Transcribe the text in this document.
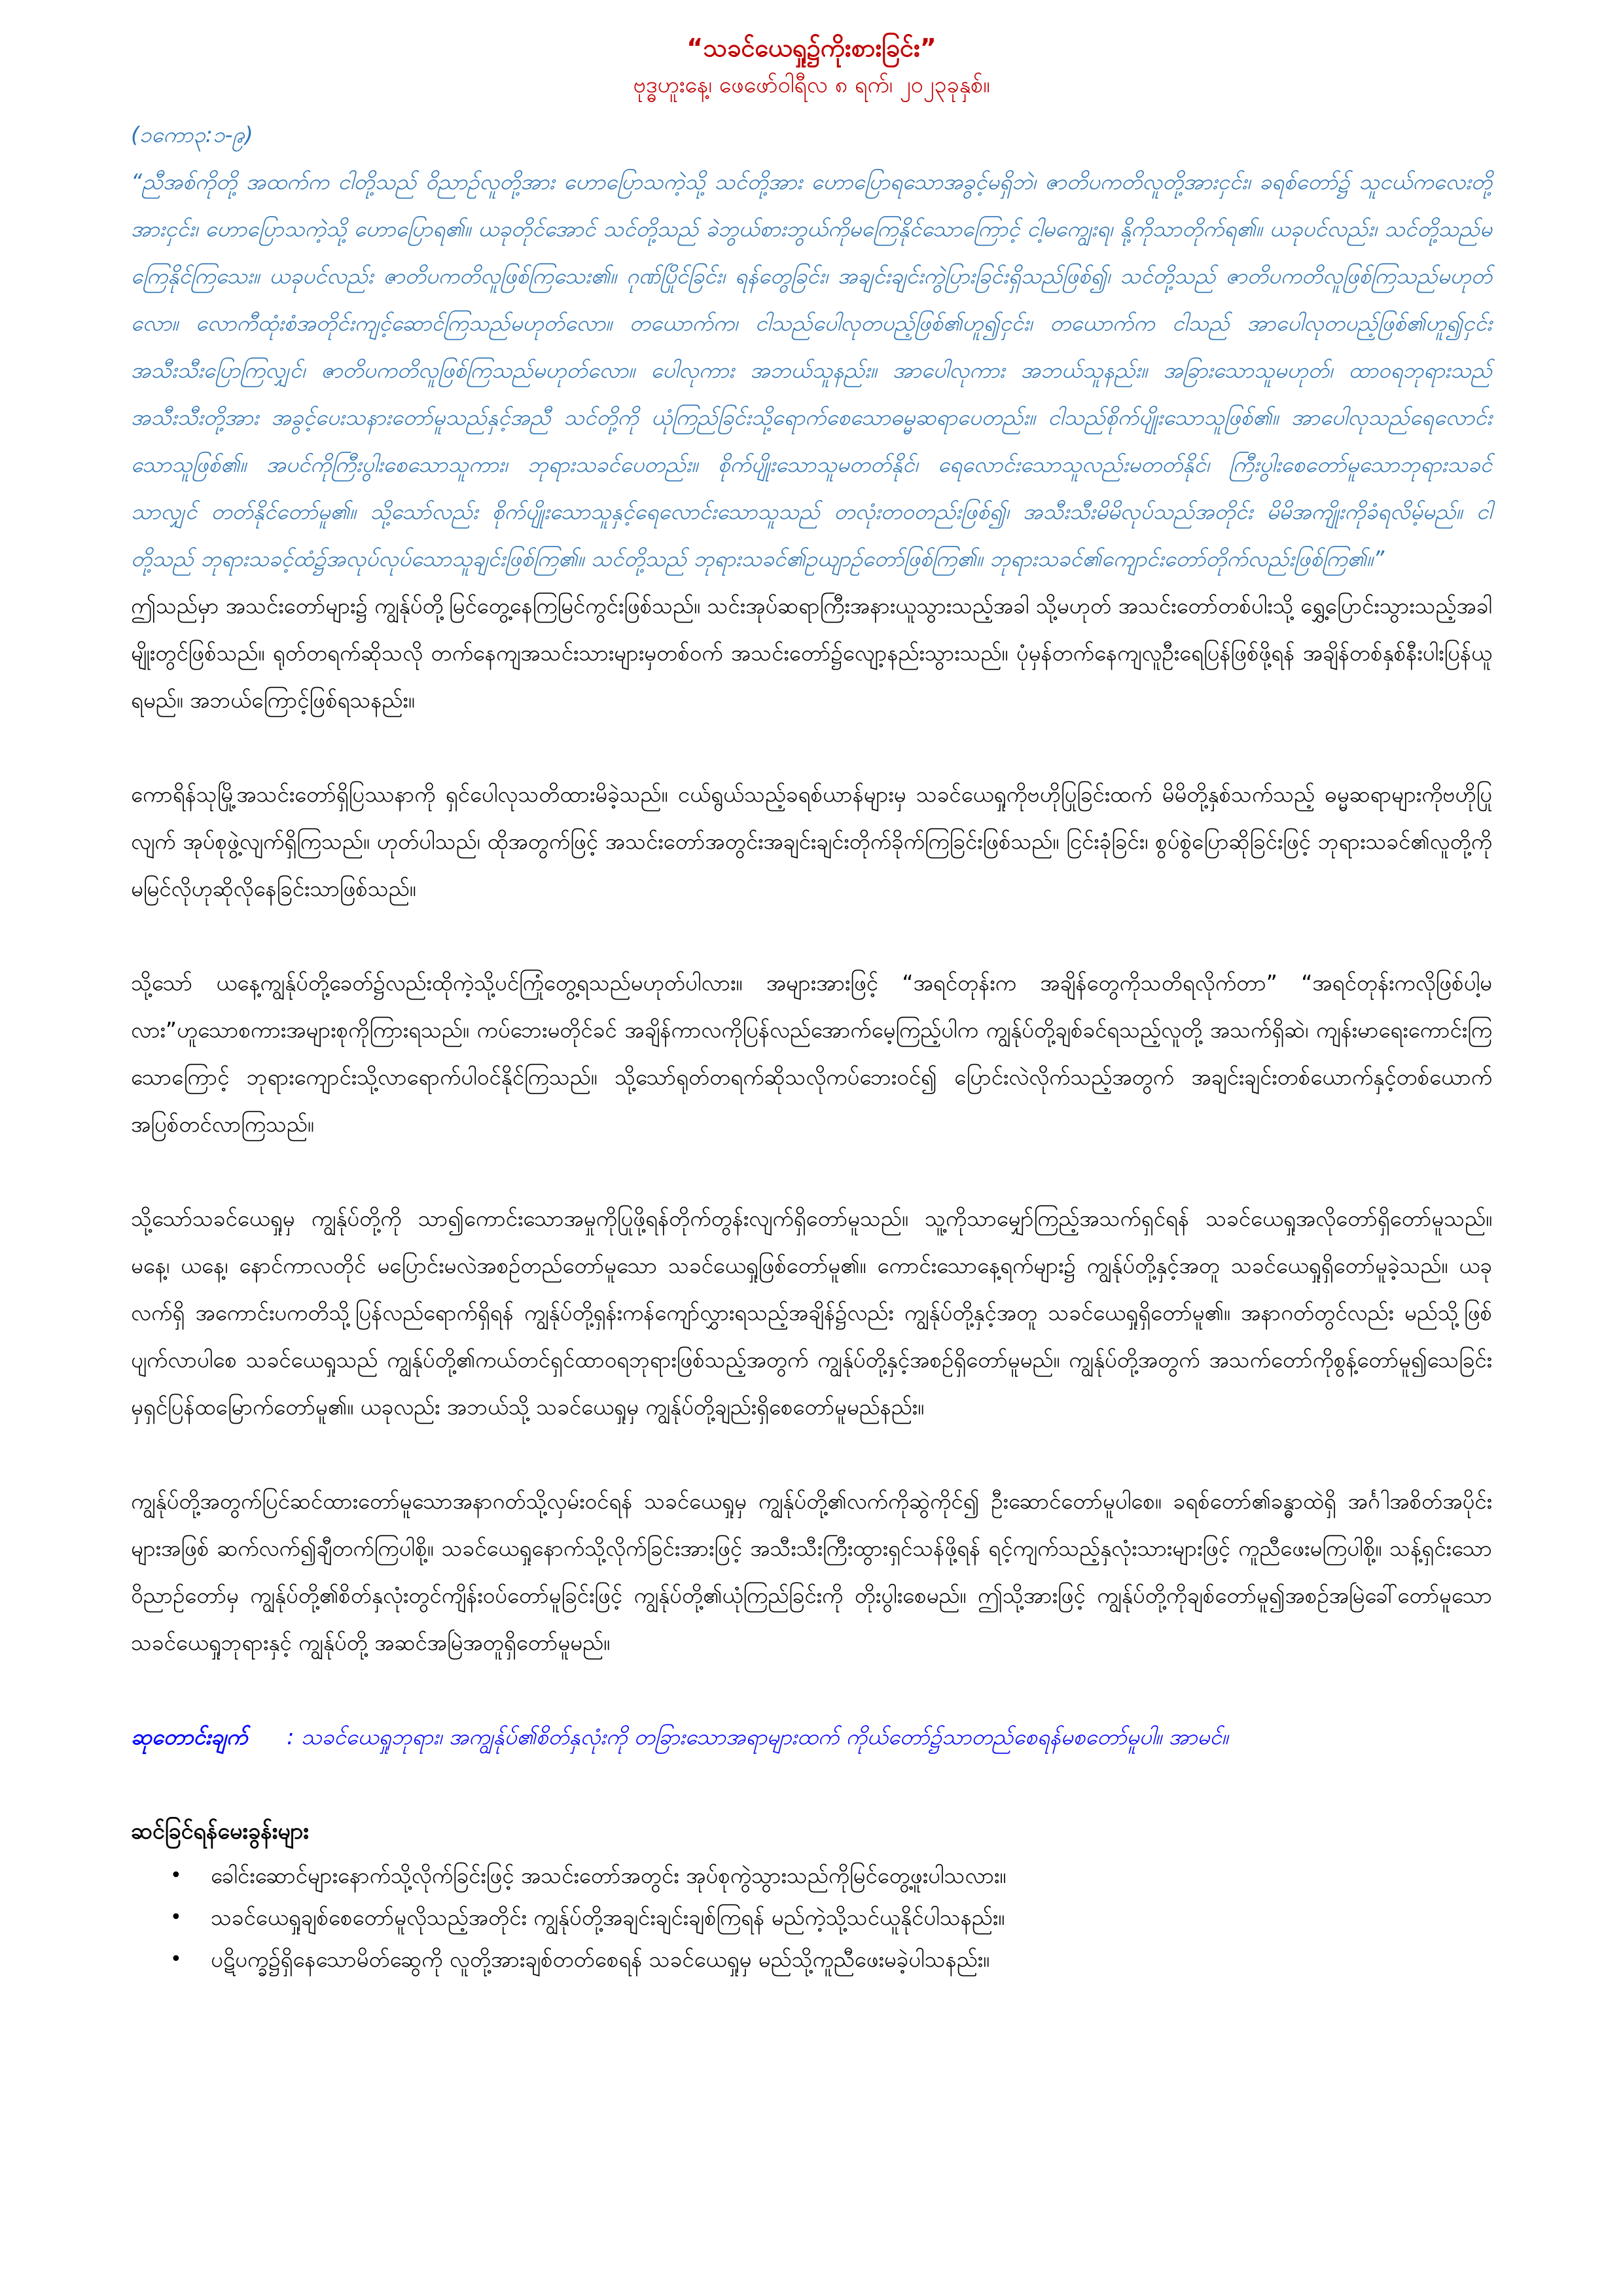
“သခင်ယေရှု၌ကိုးစားခြင်း”

ဗုဒ္ဓဟူးနေ့၊ ဖေဖော်ဝါရီလ ၈ ရက်၊ ၂၀၂၃ခုနှစ်။

(၁ကော၃:၁-၉)

“ညီအစ်ကိုတို့ အထက်က ငါတို့သည် ဝိညာဉ်လူတို့အား ဟောပြောသကဲ့သို့ သင်တို့အား ဟောပြောရသောအခွင့်မရှိဘဲ၊ ဇာတိပကတိလူတို့အားငှင်း၊ ခရစ်တော်၌ သူငယ်ကလေးတို့အားငှင်း၊ ဟောပြောသကဲ့သို့ ဟောပြောရ၏။ ယခုတိုင်အောင် သင်တို့သည် ခဲဘွယ်စားဘွယ်ကိုမကြေနိုင်သောကြောင့် ငါ့မကျွေးရ၊ နို့ကိုသာတိုက်ရ၏။ ယခုပင်လည်း၊ သင်တို့သည်မကြေနိုင်ကြသေး။ ယခုပင်လည်း ဇာတိပကတိလူဖြစ်ကြသေး၏။ ဂုဏ်ပြိုင်ခြင်း၊ ရန်တွေခြင်း၊ အချင်းချင်းကွဲပြားခြင်းရှိသည်ဖြစ်၍၊ သင်တို့သည် ဇာတိပကတိလူဖြစ်ကြသည်မဟုတ်လော။ လောကီထုံးစံအတိုင်းကျင့်ဆောင်ကြသည်မဟုတ်လော။ တယောက်က၊ ငါသည်ပေါလုတပည့်ဖြစ်၏ဟူ၍ငှင်း၊ တယောက်က ငါသည် အာပေါလုတပည့်ဖြစ်၏ဟူ၍ငှင်းအသီးသီးပြောကြလျှင်၊ ဇာတိပကတိလူဖြစ်ကြသည်မဟုတ်လော။ ပေါလုကား အဘယ်သူနည်း။ အာပေါလုကား အဘယ်သူနည်း။ အခြားသောသူမဟုတ်၊ ထာဝရဘုရားသည်အသီးသီးတို့အား အခွင့်ပေးသနားတော်မူသည်နှင့်အညီ သင်တို့ကို ယုံကြည်ခြင်းသို့ရောက်စေသောဓမ္မဆရာပေတည်း။ ငါသည်စိုက်ပျိုးသောသူဖြစ်၏။ အာပေါလုသည်ရေလောင်းသောသူဖြစ်၏။ အပင်ကိုကြီးပွါးစေသောသူကား၊ ဘုရားသခင်ပေတည်း။ စိုက်ပျိုးသောသူမတတ်နိုင်၊ ရေလောင်းသောသူလည်းမတတ်နိုင်၊ ကြီးပွါးစေတော်မူသောဘုရားသခင်သာလျှင် တတ်နိုင်တော်မူ၏။ သို့သော်လည်း စိုက်ပျိုးသောသူနှင့်ရေလောင်းသောသူသည် တလုံးတဝတည်းဖြစ်၍၊ အသီးသီးမိမိလုပ်သည်အတိုင်း မိမိအကျိုးကိုခံရလိမ့်မည်။ ငါတို့သည် ဘုရားသခင့်ထံ၌အလုပ်လုပ်သောသူချင်းဖြစ်ကြ၏။ သင်တို့သည် ဘုရားသခင်၏ဥယျာဉ်တော်ဖြစ်ကြ၏။ ဘုရားသခင်၏ကျောင်းတော်တိုက်လည်းဖြစ်ကြ၏။”

ဤသည်မှာ အသင်းတော်များ၌ ကျွန်ုပ်တို့မြင်တွေ့နေကြမြင်ကွင်းဖြစ်သည်။ သင်းအုပ်ဆရာကြီးအနားယူသွားသည့်အခါ သို့မဟုတ် အသင်းတော်တစ်ပါးသို့ ရွှေ့ပြောင်းသွားသည့်အခါမျိုးတွင်ဖြစ်သည်။ ရုတ်တရက်ဆိုသလို တက်နေကျအသင်းသားများမှတစ်ဝက် အသင်းတော်၌လျော့နည်းသွားသည်။ ပုံမှန်တက်နေကျလူဦးရေပြန်ဖြစ်ဖို့ရန် အချိန်တစ်နှစ်နီးပါးပြန်ယူရမည်။ အဘယ်ကြောင့်ဖြစ်ရသနည်း။

ကောရိန်သုမြို့အသင်းတော်ရှိပြဿနာကို ရှင်ပေါလုသတိထားမိခဲ့သည်။ ငယ်ရွယ်သည့်ခရစ်ယာန်များမှ သခင်ယေရှုကိုဗဟိုပြုခြင်းထက် မိမိတို့နှစ်သက်သည့် ဓမ္မဆရာများကိုဗဟိုပြုလျက် အုပ်စုဖွဲ့လျက်ရှိကြသည်။ ဟုတ်ပါသည်၊ ထိုအတွက်ဖြင့် အသင်းတော်အတွင်းအချင်းချင်းတိုက်ခိုက်ကြခြင်းဖြစ်သည်။ ငြင်းခုံခြင်း၊ စွပ်စွဲပြောဆိုခြင်းဖြင့် ဘုရားသခင်၏လူတို့ကိုမမြင်လိုဟုဆိုလိုနေခြင်းသာဖြစ်သည်။

သို့သော် ယနေ့ကျွန်ုပ်တို့ခေတ်၌လည်းထိုကဲ့သို့ပင်ကြုံတွေ့ရသည်မဟုတ်ပါလား။ အများအားဖြင့် “အရင်တုန်းက အချိန်တွေကိုသတိရလိုက်တာ” “အရင်တုန်းကလိုဖြစ်ပါ့မလား”ဟူသောစကားအများစုကိုကြားရသည်။ ကပ်ဘေးမတိုင်ခင် အချိန်ကာလကိုပြန်လည်အောက်မေ့ကြည့်ပါက ကျွန်ုပ်တို့ချစ်ခင်ရသည့်လူတို့ အသက်ရှိဆဲ၊ ကျန်းမာရေးကောင်းကြသောကြောင့် ဘုရားကျောင်းသို့လာရောက်ပါဝင်နိုင်ကြသည်။ သို့သော်ရုတ်တရက်ဆိုသလိုကပ်ဘေးဝင်၍ ပြောင်းလဲလိုက်သည့်အတွက် အချင်းချင်းတစ်ယောက်နှင့်တစ်ယောက်အပြစ်တင်လာကြသည်။

သို့သော်သခင်ယေရှုမှ ကျွန်ုပ်တို့ကို သာ၍ကောင်းသောအမှုကိုပြုဖို့ရန်တိုက်တွန်းလျက်ရှိတော်မူသည်။ သူ့ကိုသာမျှော်ကြည့်အသက်ရှင်ရန် သခင်ယေရှုအလိုတော်ရှိတော်မူသည်။ မနေ့၊ ယနေ့၊ နောင်ကာလတိုင် မပြောင်းမလဲအစဉ်တည်တော်မူသော သခင်ယေရှုဖြစ်တော်မူ၏။ ကောင်းသောနေ့ရက်များ၌ ကျွန်ုပ်တို့နှင့်အတူ သခင်ယေရှုရှိတော်မူခဲ့သည်။ ယခုလက်ရှိ အကောင်းပကတိသို့ပြန်လည်ရောက်ရှိရန် ကျွန်ုပ်တို့ရှန်းကန်ကျော်လွှားရသည့်အချိန်၌လည်း ကျွန်ုပ်တို့နှင့်အတူ သခင်ယေရှုရှိတော်မူ၏။ အနာဂတ်တွင်လည်း မည်သို့ဖြစ်ပျက်လာပါစေ သခင်ယေရှုသည် ကျွန်ုပ်တို့၏ကယ်တင်ရှင်ထာဝရဘုရားဖြစ်သည့်အတွက် ကျွန်ုပ်တို့နှင့်အစဉ်ရှိတော်မူမည်။ ကျွန်ုပ်တို့အတွက် အသက်တော်ကိုစွန့်တော်မူ၍သေခြင်းမှရှင်ပြန်ထမြောက်တော်မူ၏။ ယခုလည်း အဘယ်သို့ သခင်ယေရှုမှ ကျွန်ုပ်တို့ချည်းရှိစေတော်မူမည်နည်း။

ကျွန်ုပ်တို့အတွက်ပြင်ဆင်ထားတော်မူသောအနာဂတ်သို့လှမ်းဝင်ရန် သခင်ယေရှုမှ ကျွန်ုပ်တို့၏လက်ကိုဆွဲကိုင်၍ ဦးဆောင်တော်မူပါစေ။ ခရစ်တော်၏ခန္ဓာထဲရှိ အင်္ဂါအစိတ်အပိုင်းများအဖြစ် ဆက်လက်၍ချီတက်ကြပါစို့။ သခင်ယေရှုနောက်သို့လိုက်ခြင်းအားဖြင့် အသီးသီးကြီးထွားရှင်သန်ဖို့ရန် ရင့်ကျက်သည့်နှလုံးသားများဖြင့် ကူညီဖေးမကြပါစို့။ သန့်ရှင်းသောဝိညာဉ်တော်မှ ကျွန်ုပ်တို့၏စိတ်နှလုံးတွင်ကျိန်းဝပ်တော်မူခြင်းဖြင့် ကျွန်ုပ်တို့၏ယုံကြည်ခြင်းကို တိုးပွါးစေမည်။ ဤသို့အားဖြင့် ကျွန်ုပ်တို့ကိုချစ်တော်မူ၍အစဉ်အမြဲခေါ်တော်မူသောသခင်ယေရှုဘုရားနှင့် ကျွန်ုပ်တို့ အဆင်အမြဲအတူရှိတော်မူမည်။

ဆုတောင်းချက် : သခင်ယေရှုဘုရား၊ အကျွန်ုပ်၏စိတ်နှလုံးကို တခြားသောအရာများထက် ကိုယ်တော်၌သာတည်စေရန်မစတော်မူပါ။ အာမင်။

ဆင်ခြင်ရန်မေးခွန်းများ

• ခေါင်းဆောင်များနောက်သို့လိုက်ခြင်းဖြင့် အသင်းတော်အတွင်း အုပ်စုကွဲသွားသည်ကိုမြင်တွေ့ဖူးပါသလား။
• သခင်ယေရှုချစ်စေတော်မူလိုသည့်အတိုင်း ကျွန်ုပ်တို့အချင်းချင်းချစ်ကြရန် မည်ကဲ့သို့သင်ယူနိုင်ပါသနည်း။
• ပဋိပက္ခ၌ရှိနေသောမိတ်ဆွေကို လူတို့အားချစ်တတ်စေရန် သခင်ယေရှုမှ မည်သို့ကူညီဖေးမခဲ့ပါသနည်း။
